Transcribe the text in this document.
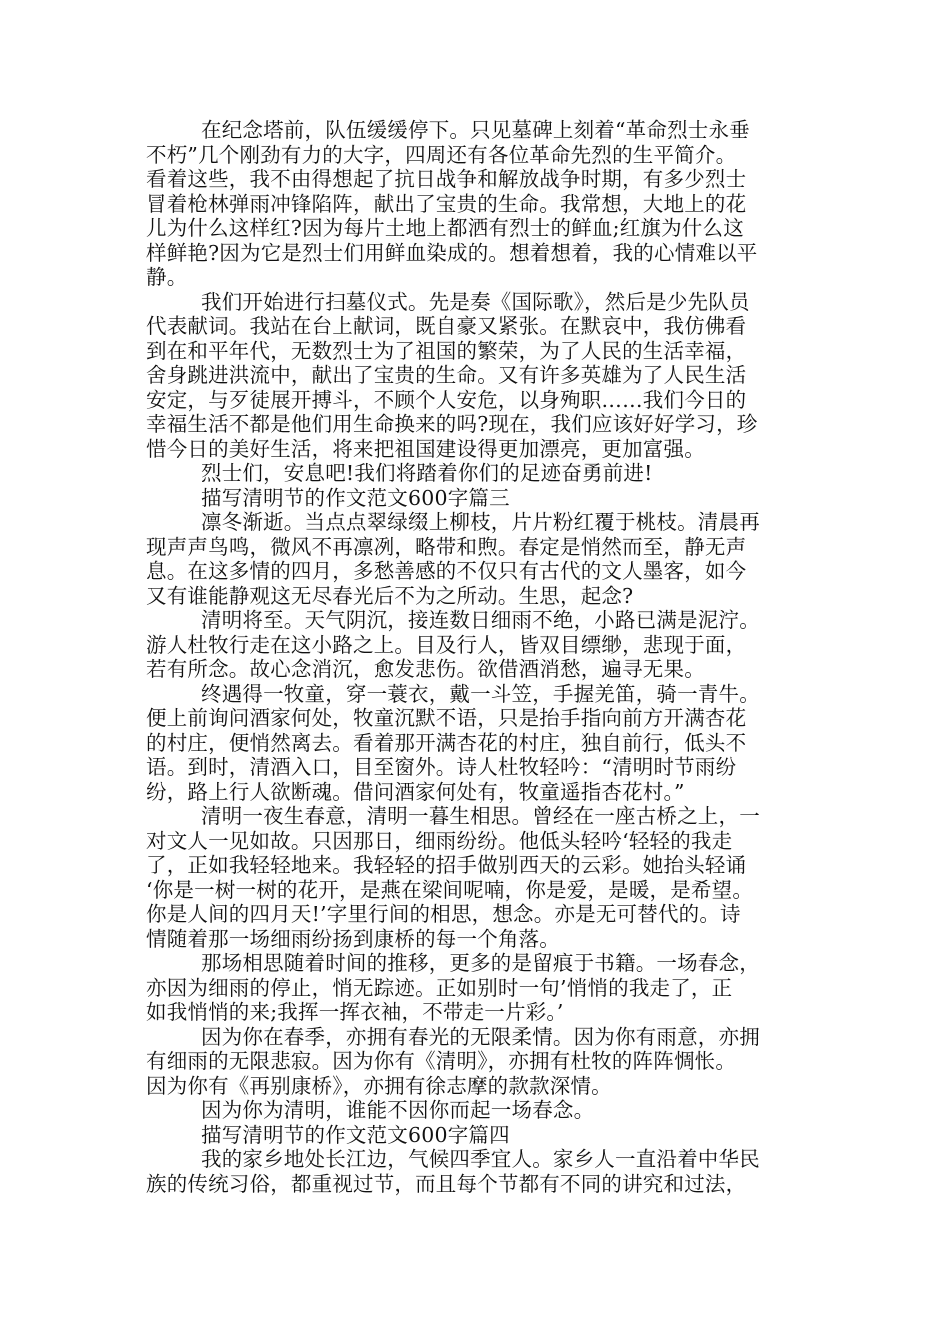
在纪念塔前，队伍缓缓停下。只见墓碑上刻着“革命烈士永垂
不朽”几个刚劲有力的大字，四周还有各位革命先烈的生平简介。
看着这些，我不由得想起了抗日战争和解放战争时期，有多少烈士
冒着枪林弹雨冲锋陷阵，献出了宝贵的生命。我常想，大地上的花
儿为什么这样红?因为每片土地上都洒有烈士的鲜血;红旗为什么这
样鲜艳?因为它是烈士们用鲜血染成的。想着想着，我的心情难以平
静。
我们开始进行扫墓仪式。先是奏《国际歌》，然后是少先队员
代表献词。我站在台上献词，既自豪又紧张。在默哀中，我仿佛看
到在和平年代，无数烈士为了祖国的繁荣，为了人民的生活幸福，
舍身跳进洪流中，献出了宝贵的生命。又有许多英雄为了人民生活
安定，与歹徒展开搏斗，不顾个人安危，以身殉职……我们今日的
幸福生活不都是他们用生命换来的吗?现在，我们应该好好学习，珍
惜今日的美好生活，将来把祖国建设得更加漂亮，更加富强。
烈士们，安息吧!我们将踏着你们的足迹奋勇前进!
描写清明节的作文范文600字篇三
凛冬渐逝。当点点翠绿缀上柳枝，片片粉红覆于桃枝。清晨再
现声声鸟鸣，微风不再凛冽，略带和煦。春定是悄然而至，静无声
息。在这多情的四月，多愁善感的不仅只有古代的文人墨客，如今
又有谁能静观这无尽春光后不为之所动。生思，起念?
清明将至。天气阴沉，接连数日细雨不绝，小路已满是泥泞。
游人杜牧行走在这小路之上。目及行人，皆双目缥缈，悲现于面，
若有所念。故心念消沉，愈发悲伤。欲借酒消愁，遍寻无果。
终遇得一牧童，穿一蓑衣，戴一斗笠，手握羌笛，骑一青牛。
便上前询问酒家何处，牧童沉默不语，只是抬手指向前方开满杏花
的村庄，便悄然离去。看着那开满杏花的村庄，独自前行，低头不
语。到时，清酒入口，目至窗外。诗人杜牧轻吟：“清明时节雨纷
纷，路上行人欲断魂。借问酒家何处有，牧童遥指杏花村。”
清明一夜生春意，清明一暮生相思。曾经在一座古桥之上，一
对文人一见如故。只因那日，细雨纷纷。他低头轻吟‘轻轻的我走
了，正如我轻轻地来。我轻轻的招手做别西天的云彩。她抬头轻诵
‘你是一树一树的花开，是燕在梁间呢喃，你是爱，是暖，是希望。
你是人间的四月天!’字里行间的相思，想念。亦是无可替代的。诗
情随着那一场细雨纷扬到康桥的每一个角落。
那场相思随着时间的推移，更多的是留痕于书籍。一场春念，
亦因为细雨的停止，悄无踪迹。正如别时一句’悄悄的我走了，正
如我悄悄的来;我挥一挥衣袖，不带走一片彩。’
因为你在春季，亦拥有春光的无限柔情。因为你有雨意，亦拥
有细雨的无限悲寂。因为你有《清明》，亦拥有杜牧的阵阵惆怅。
因为你有《再别康桥》，亦拥有徐志摩的款款深情。
因为你为清明，谁能不因你而起一场春念。
描写清明节的作文范文600字篇四
我的家乡地处长江边，气候四季宜人。家乡人一直沿着中华民
族的传统习俗，都重视过节，而且每个节都有不同的讲究和过法，
